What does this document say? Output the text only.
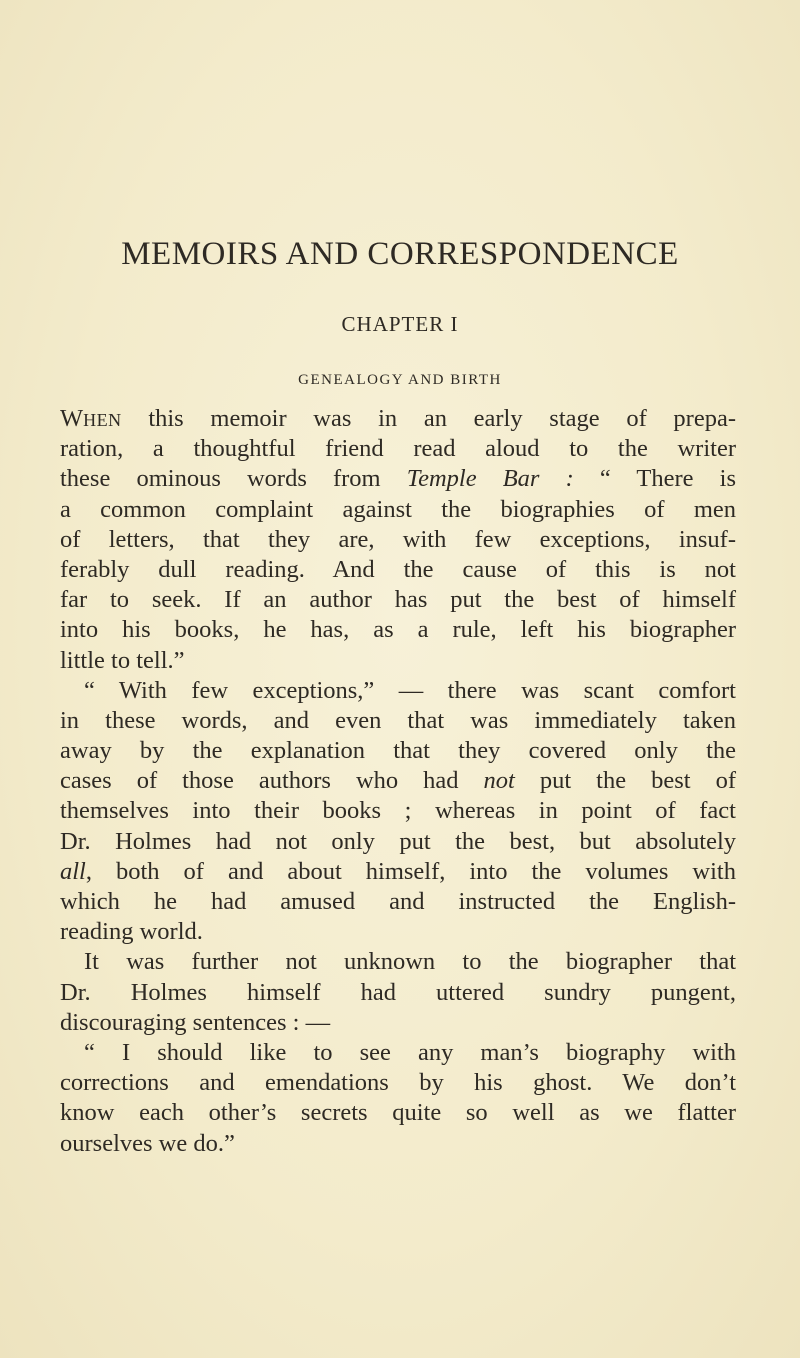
MEMOIRS AND CORRESPONDENCE
CHAPTER I
GENEALOGY AND BIRTH
WHEN this memoir was in an early stage of prepa-
ration, a thoughtful friend read aloud to the writer
these ominous words from Temple Bar : “ There is
a common complaint against the biographies of men
of letters, that they are, with few exceptions, insuf-
ferably dull reading. And the cause of this is not
far to seek. If an author has put the best of himself
into his books, he has, as a rule, left his biographer
little to tell.”
“ With few exceptions,” — there was scant comfort
in these words, and even that was immediately taken
away by the explanation that they covered only the
cases of those authors who had not put the best of
themselves into their books ; whereas in point of fact
Dr. Holmes had not only put the best, but absolutely
all, both of and about himself, into the volumes with
which he had amused and instructed the English-
reading world.
It was further not unknown to the biographer that
Dr. Holmes himself had uttered sundry pungent,
discouraging sentences : —
“ I should like to see any man’s biography with
corrections and emendations by his ghost. We don’t
know each other’s secrets quite so well as we flatter
ourselves we do.”
